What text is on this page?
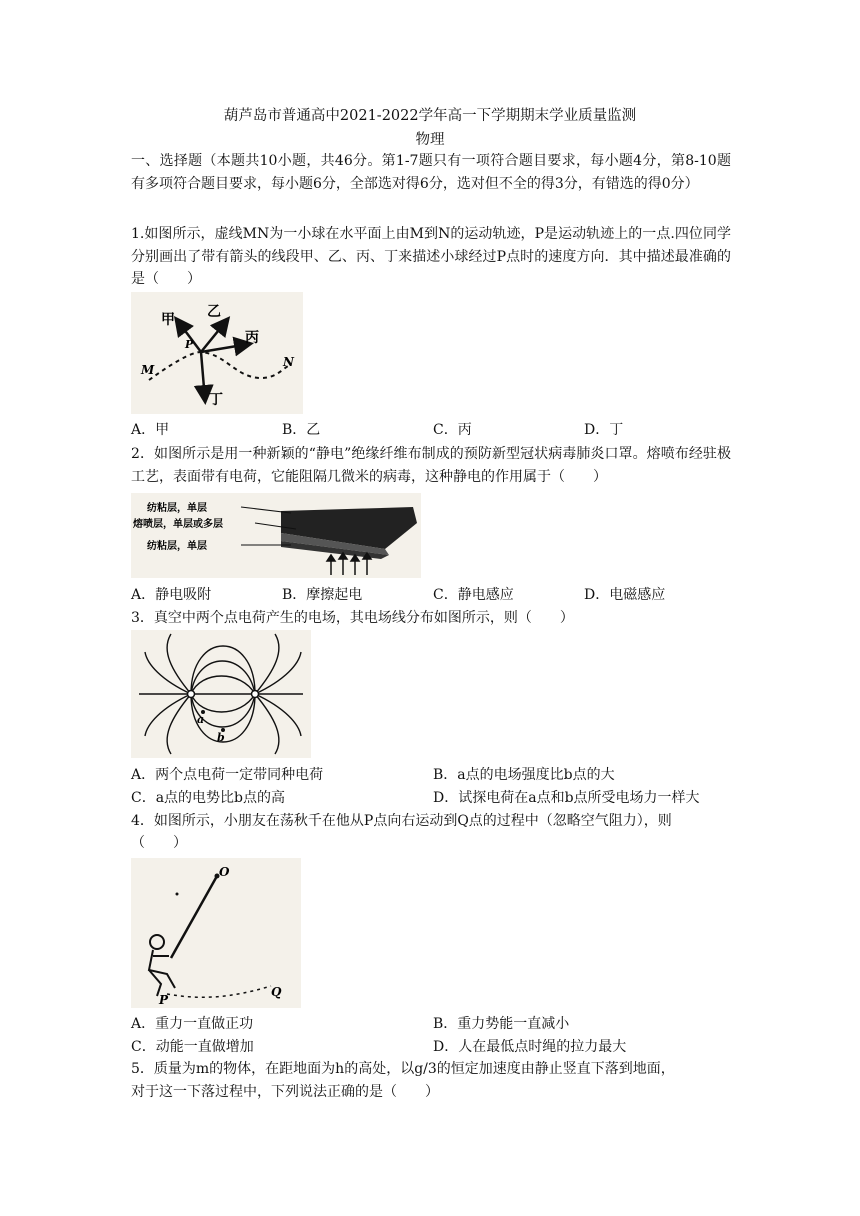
葫芦岛市普通高中2021-2022学年高一下学期期末学业质量监测
物理
一、选择题（本题共10小题，共46分。第1-7题只有一项符合题目要求，每小题4分，第8-10题有多项符合题目要求，每小题6分，全部选对得6分，选对但不全的得3分，有错选的得0分）
1.如图所示，虚线MN为一小球在水平面上由M到N的运动轨迹，P是运动轨迹上的一点.四位同学分别画出了带有箭头的线段甲、乙、丙、丁来描述小球经过P点时的速度方向．其中描述最准确的是（　　）
甲 乙
丙
丁
P
M
N
A．甲	B．乙	C．丙	D．丁
2．如图所示是用一种新颖的“静电”绝缘纤维布制成的预防新型冠状病毒肺炎口罩。熔喷布经驻极工艺，表面带有电荷，它能阻隔几微米的病毒，这种静电的作用属于（　　）
纺粘层，单层
熔喷层，单层或多层
纺粘层，单层
A．静电吸附	B．摩擦起电	C．静电感应	D．电磁感应
3．真空中两个点电荷产生的电场，其电场线分布如图所示，则（　　）
a
b
A．两个点电荷一定带同种电荷	B．a点的电场强度比b点的大
C．a点的电势比b点的高	D．试探电荷在a点和b点所受电场力一样大
4．如图所示，小朋友在荡秋千在他从P点向右运动到Q点的过程中（忽略空气阻力），则
（　　）
O
P
Q
A．重力一直做正功	B．重力势能一直减小
C．动能一直做增加	D．人在最低点时绳的拉力最大
5．质量为m的物体，在距地面为h的高处，以g/3的恒定加速度由静止竖直下落到地面，
对于这一下落过程中，下列说法正确的是（　　）
